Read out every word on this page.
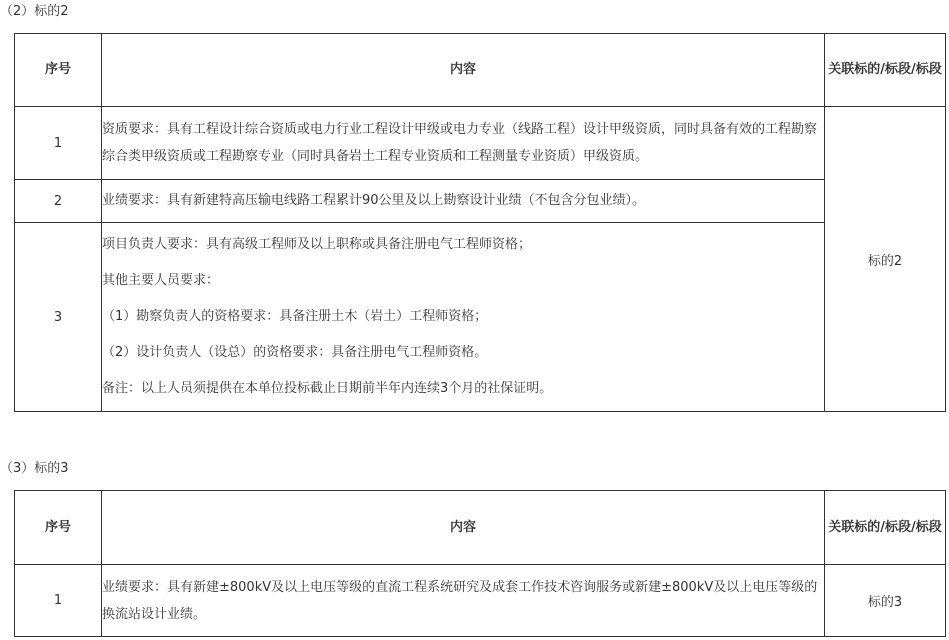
（2）标的2
序号	内容	关联标的/标段/标段

1	资质要求：具有工程设计综合资质或电力行业工程设计甲级或电力专业（线路工程）设计甲级资质，同时具备有效的工程勘察综合类甲级资质或工程勘察专业（同时具备岩土工程专业资质和工程测量专业资质）甲级资质。	标的2
2	业绩要求：具有新建特高压输电线路工程累计90公里及以上勘察设计业绩（不包含分包业绩）。	

3	项目负责人要求：具有高级工程师及以上职称或具备注册电气工程师资格；
其他主要人员要求：
（1）勘察负责人的资格要求：具备注册土木（岩土）工程师资格；
（2）设计负责人（设总）的资格要求：具备注册电气工程师资格。
备注：以上人员须提供在本单位投标截止日期前半年内连续3个月的社保证明。	
（3）标的3
序号	内容	关联标的/标段/标段

1	业绩要求：具有新建±800kV及以上电压等级的直流工程系统研究及成套工作技术咨询服务或新建±800kV及以上电压等级的换流站设计业绩。	标的3
